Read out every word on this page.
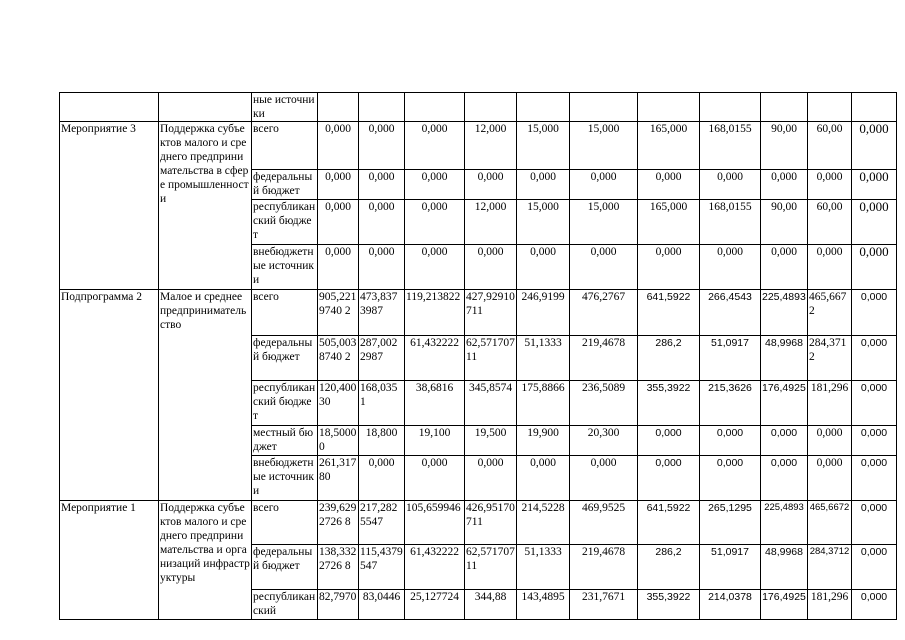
		ные источники											
Мероприятие 3	Поддержка субъектов малого и среднего предпринимательства в сфере промышленности	всего	0,000	0,000	0,000	12,000	15,000	15,000	165,000	168,0155	90,00	60,00	0,000
		федеральный бюджет	0,000	0,000	0,000	0,000	0,000	0,000	0,000	0,000	0,000	0,000	0,000
		республиканский бюджет	0,000	0,000	0,000	12,000	15,000	15,000	165,000	168,0155	90,00	60,00	0,000
		внебюджетные источники	0,000	0,000	0,000	0,000	0,000	0,000	0,000	0,000	0,000	0,000	0,000
Подпрограмма 2	Малое и среднее предпринимательство	всего	905,2219740 2	473,8373987	119,213822	427,92910711	246,9199	476,2767	641,5922	266,4543	225,4893	465,6672	0,000
		федеральный бюджет	505,0038740 2	287,0022987	61,432222	62,57170711	51,1333	219,4678	286,2	51,0917	48,9968	284,3712	0,000
		республиканский бюджет	120,40030	168,0351	38,6816	345,8574	175,8866	236,5089	355,3922	215,3626	176,4925	181,296	0,000
		местный бюджет	18,50000	18,800	19,100	19,500	19,900	20,300	0,000	0,000	0,000	0,000	0,000
		внебюджетные источники	261,31780	0,000	0,000	0,000	0,000	0,000	0,000	0,000	0,000	0,000	0,000
Мероприятие 1	Поддержка субъектов малого и среднего предпринимательства и организаций инфраструктуры	всего	239,6292726 8	217,2825547	105,659946	426,95170711	214,5228	469,9525	641,5922	265,1295	225,4893	465,6672	0,000
		федеральный бюджет	138,3322726 8	115,4379547	61,432222	62,57170711	51,1333	219,4678	286,2	51,0917	48,9968	284,3712	0,000
		республиканский	82,7970	83,0446	25,127724	344,88	143,4895	231,7671	355,3922	214,0378	176,4925	181,296	0,000
